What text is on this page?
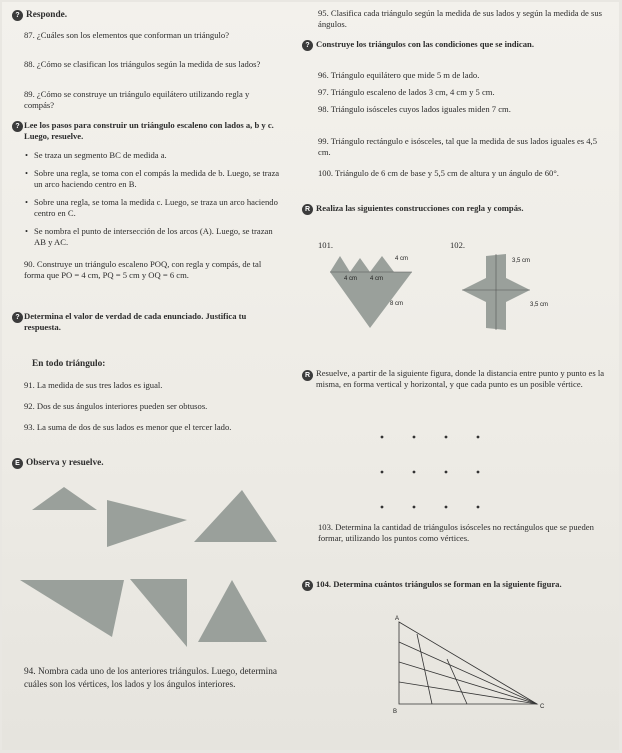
? Responde.
87. ¿Cuáles son los elementos que conforman un triángulo?
88. ¿Cómo se clasifican los triángulos según la medida de sus lados?
89. ¿Cómo se construye un triángulo equilátero utilizando regla y compás?
? Lee los pasos para construir un triángulo escaleno con lados a, b y c. Luego, resuelve.
• Se traza un segmento BC de medida a.
• Sobre una regla, se toma con el compás la medida de b. Luego, se traza un arco haciendo centro en B.
• Sobre una regla, se toma la medida c. Luego, se traza un arco haciendo centro en C.
• Se nombra el punto de intersección de los arcos (A). Luego, se trazan AB y AC.
90. Construye un triángulo escaleno POQ, con regla y compás, de tal forma que PO = 4 cm, PQ = 5 cm y OQ = 6 cm.
? Determina el valor de verdad de cada enunciado. Justifica tu respuesta.
En todo triángulo:
91. La medida de sus tres lados es igual.
92. Dos de sus ángulos interiores pueden ser obtusos.
93. La suma de dos de sus lados es menor que el tercer lado.
E Observa y resuelve.
94. Nombra cada uno de los anteriores triángulos. Luego, determina cuáles son los vértices, los lados y los ángulos interiores.
95. Clasifica cada triángulo según la medida de sus lados y según la medida de sus ángulos.
? Construye los triángulos con las condiciones que se indican.
96. Triángulo equilátero que mide 5 m de lado.
97. Triángulo escaleno de lados 3 cm, 4 cm y 5 cm.
98. Triángulo isósceles cuyos lados iguales miden 7 cm.
99. Triángulo rectángulo e isósceles, tal que la medida de sus lados iguales es 4,5 cm.
100. Triángulo de 6 cm de base y 5,5 cm de altura y un ángulo de 60°.
R Realiza las siguientes construcciones con regla y compás.
101.	102.
4 cm
4 cm 4 cm
8 cm
3,5 cm
3,5 cm
R Resuelve, a partir de la siguiente figura, donde la distancia entre punto y punto es la misma, en forma vertical y horizontal, y que cada punto es un posible vértice.
103. Determina la cantidad de triángulos isósceles no rectángulos que se pueden formar, utilizando los puntos como vértices.
R 104. Determina cuántos triángulos se forman en la siguiente figura.
A
B
C
